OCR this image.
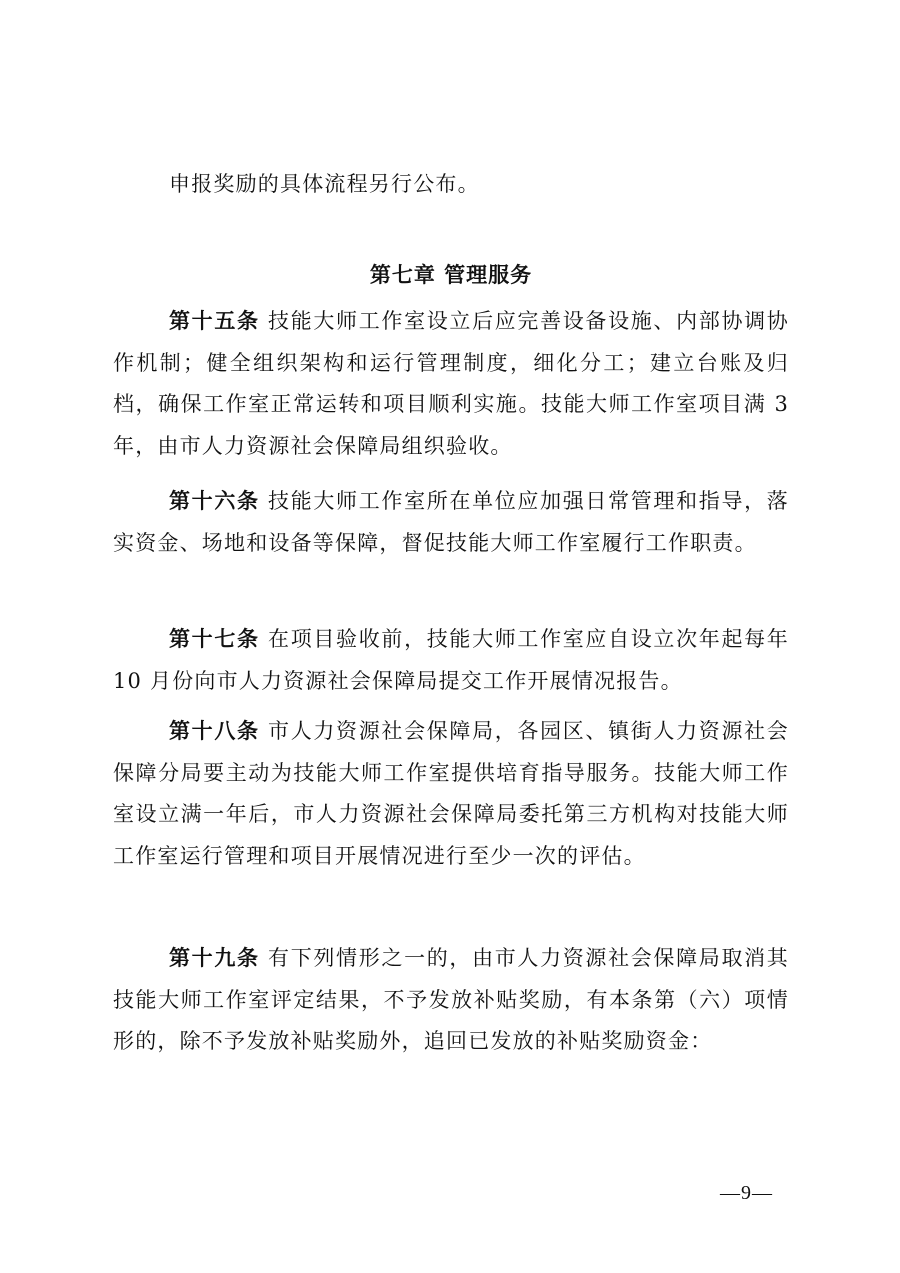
申报奖励的具体流程另行公布。

第七章 管理服务

第十五条 技能大师工作室设立后应完善设备设施、内部协调协作机制；健全组织架构和运行管理制度，细化分工；建立台账及归档，确保工作室正常运转和项目顺利实施。技能大师工作室项目满 3 年，由市人力资源社会保障局组织验收。

第十六条 技能大师工作室所在单位应加强日常管理和指导，落实资金、场地和设备等保障，督促技能大师工作室履行工作职责。

第十七条 在项目验收前，技能大师工作室应自设立次年起每年 10 月份向市人力资源社会保障局提交工作开展情况报告。

第十八条 市人力资源社会保障局，各园区、镇街人力资源社会保障分局要主动为技能大师工作室提供培育指导服务。技能大师工作室设立满一年后，市人力资源社会保障局委托第三方机构对技能大师工作室运行管理和项目开展情况进行至少一次的评估。

第十九条 有下列情形之一的，由市人力资源社会保障局取消其技能大师工作室评定结果，不予发放补贴奖励，有本条第（六）项情形的，除不予发放补贴奖励外，追回已发放的补贴奖励资金：

—9—
